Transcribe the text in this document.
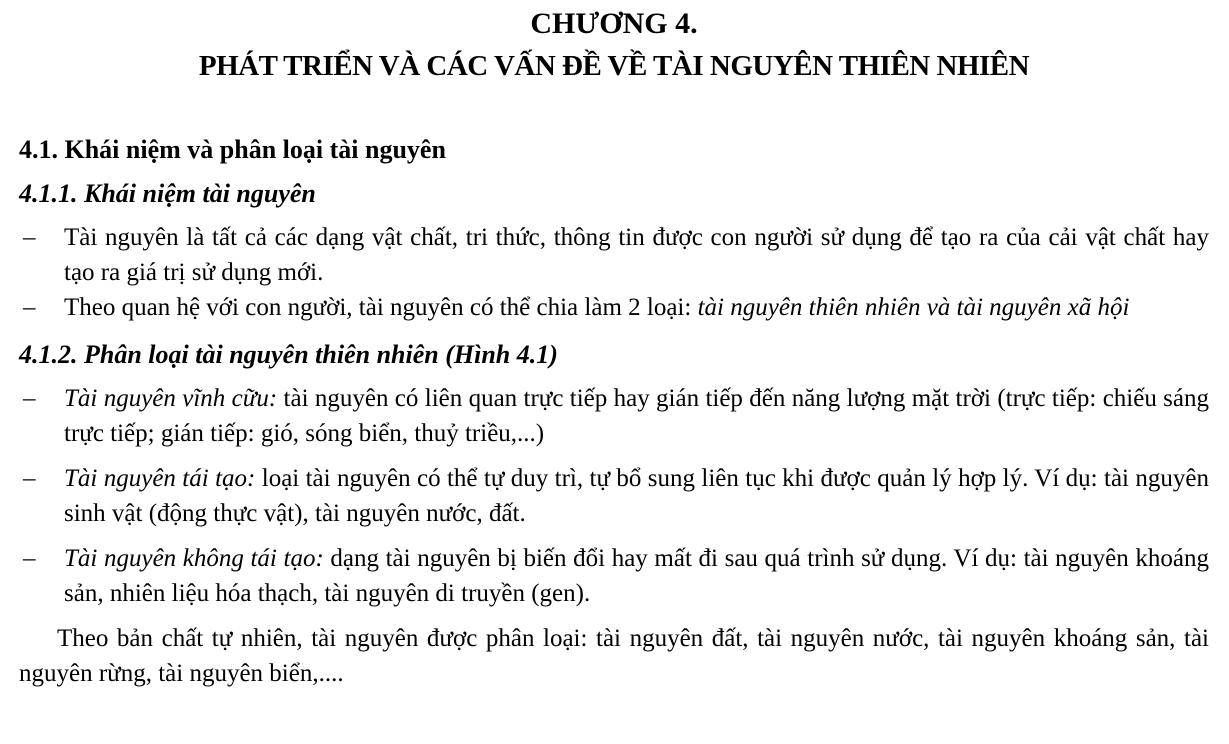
CHƯƠNG 4.
PHÁT TRIỂN VÀ CÁC VẤN ĐỀ VỀ TÀI NGUYÊN THIÊN NHIÊN
4.1. Khái niệm và phân loại tài nguyên
4.1.1. Khái niệm tài nguyên
– Tài nguyên là tất cả các dạng vật chất, tri thức, thông tin được con người sử dụng để tạo ra của cải vật chất hay tạo ra giá trị sử dụng mới.
– Theo quan hệ với con người, tài nguyên có thể chia làm 2 loại: tài nguyên thiên nhiên và tài nguyên xã hội
4.1.2. Phân loại tài nguyên thiên nhiên (Hình 4.1)
– Tài nguyên vĩnh cữu: tài nguyên có liên quan trực tiếp hay gián tiếp đến năng lượng mặt trời (trực tiếp: chiếu sáng trực tiếp; gián tiếp: gió, sóng biển, thuỷ triều,...)
– Tài nguyên tái tạo: loại tài nguyên có thể tự duy trì, tự bổ sung liên tục khi được quản lý hợp lý. Ví dụ: tài nguyên sinh vật (động thực vật), tài nguyên nước, đất.
– Tài nguyên không tái tạo: dạng tài nguyên bị biến đổi hay mất đi sau quá trình sử dụng. Ví dụ: tài nguyên khoáng sản, nhiên liệu hóa thạch, tài nguyên di truyền (gen).

Theo bản chất tự nhiên, tài nguyên được phân loại: tài nguyên đất, tài nguyên nước, tài nguyên khoáng sản, tài nguyên rừng, tài nguyên biển,....
